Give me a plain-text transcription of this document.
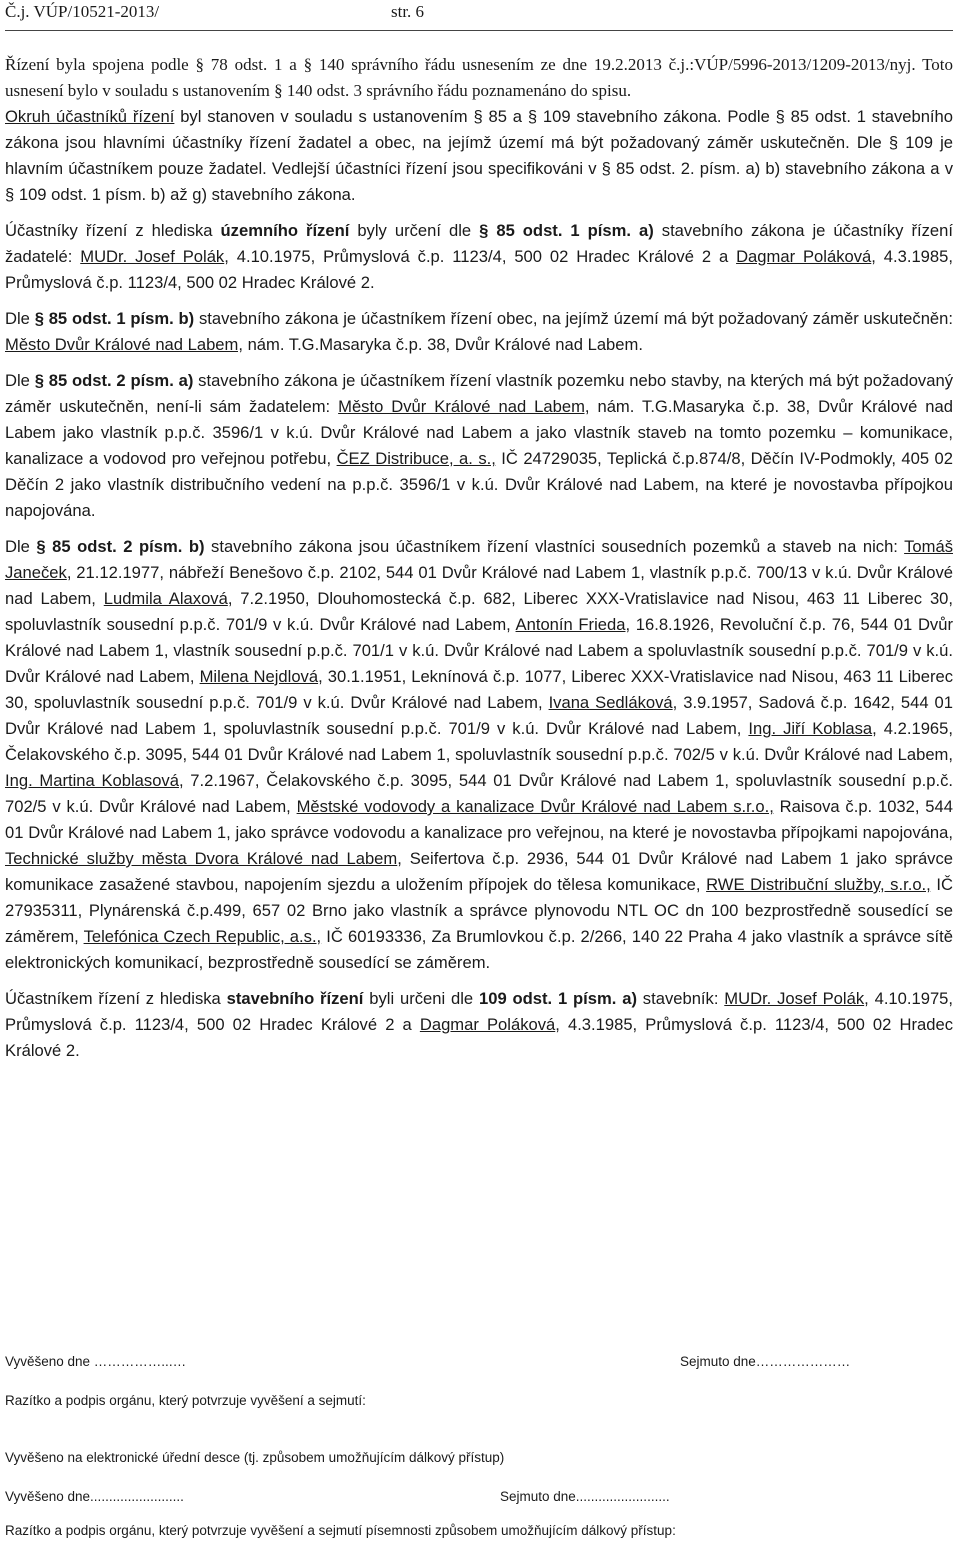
Č.j. VÚP/10521-2013/	str. 6

Řízení byla spojena podle § 78 odst. 1 a § 140 správního řádu usnesením ze dne 19.2.2013 č.j.:VÚP/5996-2013/1209-2013/nyj. Toto usnesení bylo v souladu s ustanovením § 140 odst. 3 správního řádu poznamenáno do spisu.

Okruh účastníků řízení byl stanoven v souladu s ustanovením § 85 a § 109 stavebního zákona. Podle § 85 odst. 1 stavebního zákona jsou hlavními účastníky řízení žadatel a obec, na jejímž území má být požadovaný záměr uskutečněn. Dle § 109 je hlavním účastníkem pouze žadatel. Vedlejší účastníci řízení jsou specifikováni v § 85 odst. 2. písm. a) b) stavebního zákona a v § 109 odst. 1 písm. b) až g) stavebního zákona.

Účastníky řízení z hlediska územního řízení byly určení dle § 85 odst. 1 písm. a) stavebního zákona je účastníky řízení žadatelé: MUDr. Josef Polák, 4.10.1975, Průmyslová č.p. 1123/4, 500 02 Hradec Králové 2 a Dagmar Poláková, 4.3.1985, Průmyslová č.p. 1123/4, 500 02 Hradec Králové 2.

Dle § 85 odst. 1 písm. b) stavebního zákona je účastníkem řízení obec, na jejímž území má být požadovaný záměr uskutečněn: Město Dvůr Králové nad Labem, nám. T.G.Masaryka č.p. 38, Dvůr Králové nad Labem.

Dle § 85 odst. 2 písm. a) stavebního zákona je účastníkem řízení vlastník pozemku nebo stavby, na kterých má být požadovaný záměr uskutečněn, není-li sám žadatelem: Město Dvůr Králové nad Labem, nám. T.G.Masaryka č.p. 38, Dvůr Králové nad Labem jako vlastník p.p.č. 3596/1 v k.ú. Dvůr Králové nad Labem a jako vlastník staveb na tomto pozemku – komunikace, kanalizace a vodovod pro veřejnou potřebu, ČEZ Distribuce, a. s., IČ 24729035, Teplická č.p.874/8, Děčín IV-Podmokly, 405 02 Děčín 2 jako vlastník distribučního vedení na p.p.č. 3596/1 v k.ú. Dvůr Králové nad Labem, na které je novostavba přípojkou napojována.

Dle § 85 odst. 2 písm. b) stavebního zákona jsou účastníkem řízení vlastníci sousedních pozemků a staveb na nich: Tomáš Janeček, 21.12.1977, nábřeží Benešovo č.p. 2102, 544 01 Dvůr Králové nad Labem 1, vlastník p.p.č. 700/13 v k.ú. Dvůr Králové nad Labem, Ludmila Alaxová, 7.2.1950, Dlouhomostecká č.p. 682, Liberec XXX-Vratislavice nad Nisou, 463 11 Liberec 30, spoluvlastník sousední p.p.č. 701/9 v k.ú. Dvůr Králové nad Labem, Antonín Frieda, 16.8.1926, Revoluční č.p. 76, 544 01 Dvůr Králové nad Labem 1, vlastník sousední p.p.č. 701/1 v k.ú. Dvůr Králové nad Labem a spoluvlastník sousední p.p.č. 701/9 v k.ú. Dvůr Králové nad Labem, Milena Nejdlová, 30.1.1951, Leknínová č.p. 1077, Liberec XXX-Vratislavice nad Nisou, 463 11 Liberec 30, spoluvlastník sousední p.p.č. 701/9 v k.ú. Dvůr Králové nad Labem, Ivana Sedláková, 3.9.1957, Sadová č.p. 1642, 544 01 Dvůr Králové nad Labem 1, spoluvlastník sousední p.p.č. 701/9 v k.ú. Dvůr Králové nad Labem, Ing. Jiří Koblasa, 4.2.1965, Čelakovského č.p. 3095, 544 01 Dvůr Králové nad Labem 1, spoluvlastník sousední p.p.č. 702/5 v k.ú. Dvůr Králové nad Labem, Ing. Martina Koblasová, 7.2.1967, Čelakovského č.p. 3095, 544 01 Dvůr Králové nad Labem 1, spoluvlastník sousední p.p.č. 702/5 v k.ú. Dvůr Králové nad Labem, Městské vodovody a kanalizace Dvůr Králové nad Labem s.r.o., Raisova č.p. 1032, 544 01 Dvůr Králové nad Labem 1, jako správce vodovodu a kanalizace pro veřejnou, na které je novostavba přípojkami napojována, Technické služby města Dvora Králové nad Labem, Seifertova č.p. 2936, 544 01 Dvůr Králové nad Labem 1 jako správce komunikace zasažené stavbou, napojením sjezdu a uložením přípojek do tělesa komunikace, RWE Distribuční služby, s.r.o., IČ 27935311, Plynárenská č.p.499, 657 02 Brno jako vlastník a správce plynovodu NTL OC dn 100 bezprostředně sousedící se záměrem, Telefónica Czech Republic, a.s., IČ 60193336, Za Brumlovkou č.p. 2/266, 140 22 Praha 4 jako vlastník a správce sítě elektronických komunikací, bezprostředně sousedící se záměrem.

Účastníkem řízení z hlediska stavebního řízení byli určeni dle 109 odst. 1 písm. a) stavebník: MUDr. Josef Polák, 4.10.1975, Průmyslová č.p. 1123/4, 500 02 Hradec Králové 2 a Dagmar Poláková, 4.3.1985, Průmyslová č.p. 1123/4, 500 02 Hradec Králové 2.

Vyvěšeno dne ……………...…	Sejmuto dne…………………
Razítko a podpis orgánu, který potvrzuje vyvěšení a sejmutí:
Vyvěšeno na elektronické úřední desce (tj. způsobem umožňujícím dálkový přístup)
Vyvěšeno dne.........................	Sejmuto dne.........................
Razítko a podpis orgánu, který potvrzuje vyvěšení a sejmutí písemnosti způsobem umožňujícím dálkový přístup:
